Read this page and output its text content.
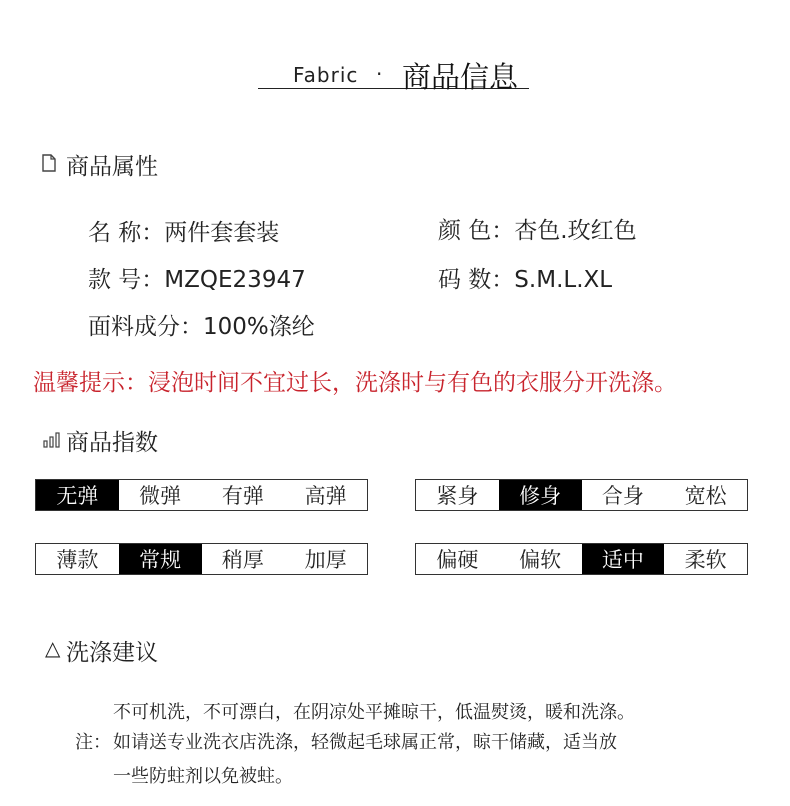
Fabric · 商品信息
商品属性
名 称：两件套套装	颜 色：杏色.玫红色
款 号：MZQE23947	码 数：S.M.L.XL
面料成分：100%涤纶
温馨提示：浸泡时间不宜过长，洗涤时与有色的衣服分开洗涤。
商品指数
无弹	微弹	有弹	高弹	紧身	修身	合身	宽松
薄款	常规	稍厚	加厚	偏硬	偏软	适中	柔软
△ 洗涤建议
不可机洗，不可漂白，在阴凉处平摊晾干，低温熨烫，暖和洗涤。
注： 如请送专业洗衣店洗涤，轻微起毛球属正常，晾干储藏，适当放
一些防蛀剂以免被蛀。
